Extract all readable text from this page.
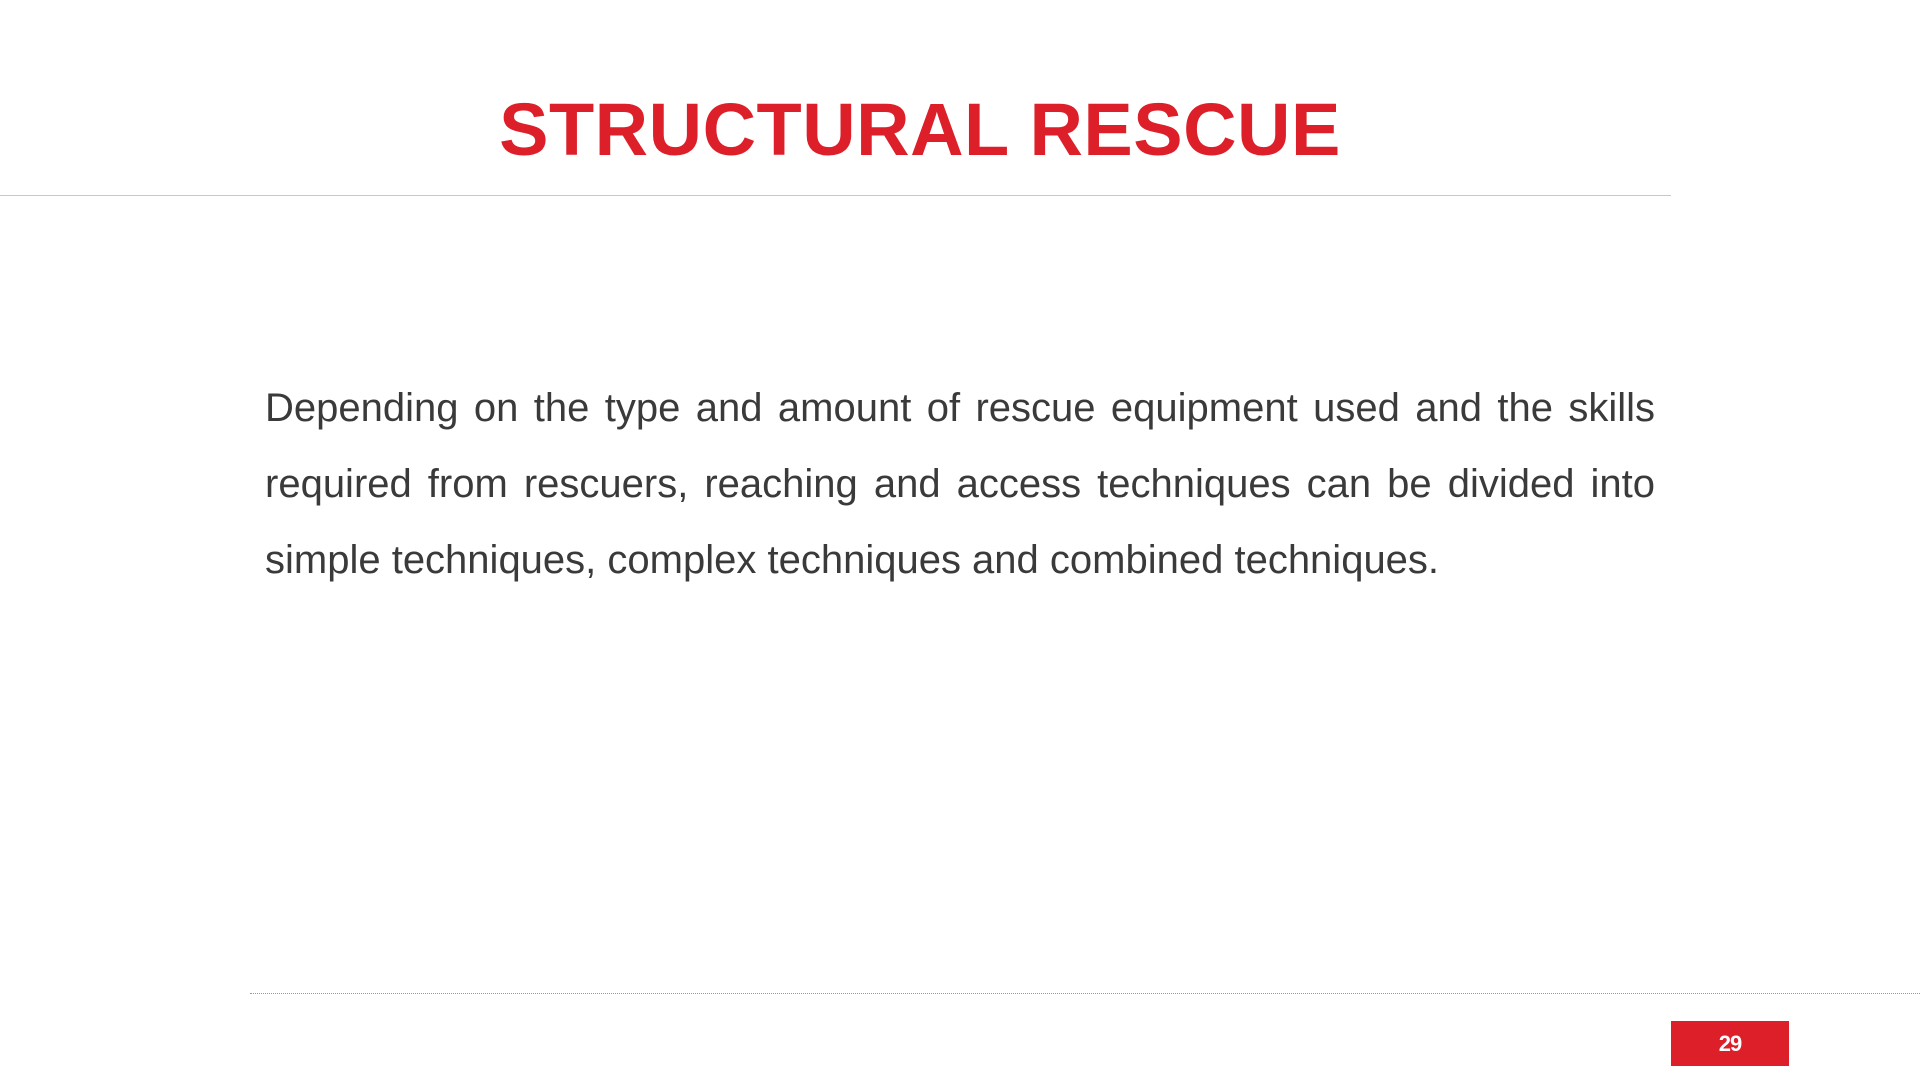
STRUCTURAL RESCUE

Depending on the type and amount of rescue equipment used and the skills required from rescuers, reaching and access techniques can be divided into simple techniques, complex techniques and combined techniques.

29
